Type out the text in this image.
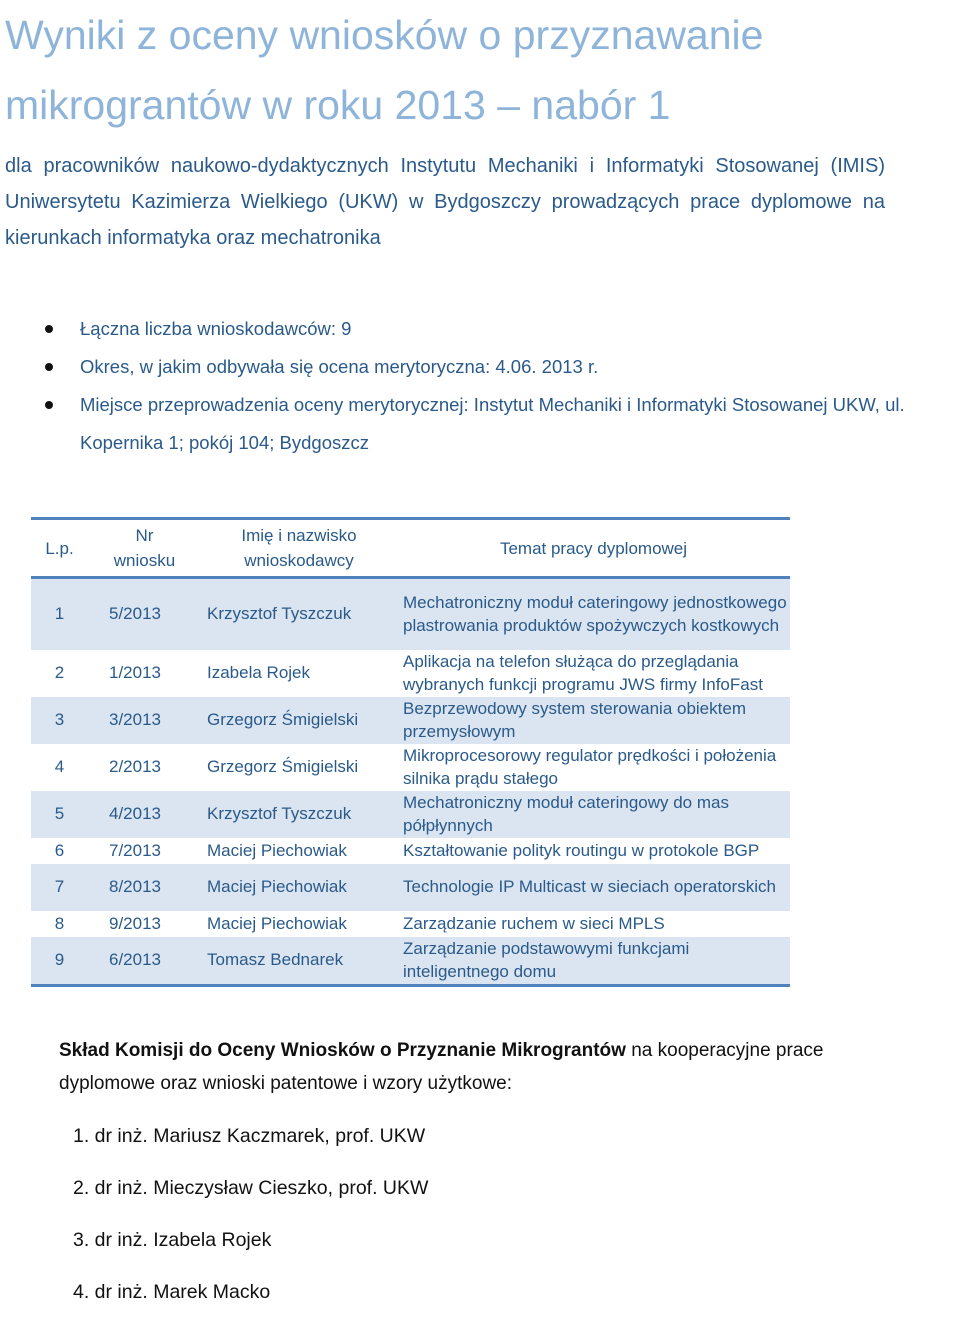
Wyniki z oceny wniosków o przyznawanie mikrograntów w roku 2013 – nabór 1
dla pracowników naukowo-dydaktycznych Instytutu Mechaniki i Informatyki Stosowanej (IMIS) Uniwersytetu Kazimierza Wielkiego (UKW) w Bydgoszczy prowadzących prace dyplomowe na kierunkach informatyka oraz mechatronika
Łączna liczba wnioskodawców: 9
Okres, w jakim odbywała się ocena merytoryczna: 4.06. 2013 r.
Miejsce przeprowadzenia oceny merytorycznej: Instytut Mechaniki i Informatyki Stosowanej UKW, ul. Kopernika 1; pokój 104; Bydgoszcz
L.p.	Nr wniosku	Imię i nazwisko wnioskodawcy	Temat pracy dyplomowej
1	5/2013	Krzysztof Tyszczuk	Mechatroniczny moduł cateringowy jednostkowego plastrowania produktów spożywczych kostkowych
2	1/2013	Izabela Rojek	Aplikacja na telefon służąca do przeglądania wybranych funkcji programu JWS firmy InfoFast
3	3/2013	Grzegorz Śmigielski	Bezprzewodowy system sterowania obiektem przemysłowym
4	2/2013	Grzegorz Śmigielski	Mikroprocesorowy regulator prędkości i położenia silnika prądu stałego
5	4/2013	Krzysztof Tyszczuk	Mechatroniczny moduł cateringowy do mas półpłynnych
6	7/2013	Maciej Piechowiak	Kształtowanie polityk routingu w protokole BGP
7	8/2013	Maciej Piechowiak	Technologie IP Multicast w sieciach operatorskich
8	9/2013	Maciej Piechowiak	Zarządzanie ruchem w sieci MPLS
9	6/2013	Tomasz Bednarek	Zarządzanie podstawowymi funkcjami inteligentnego domu
Skład Komisji do Oceny Wniosków o Przyznanie Mikrograntów na kooperacyjne prace dyplomowe oraz wnioski patentowe i wzory użytkowe:
1. dr inż. Mariusz Kaczmarek, prof. UKW
2. dr inż. Mieczysław Cieszko, prof. UKW
3. dr inż. Izabela Rojek
4. dr inż. Marek Macko
